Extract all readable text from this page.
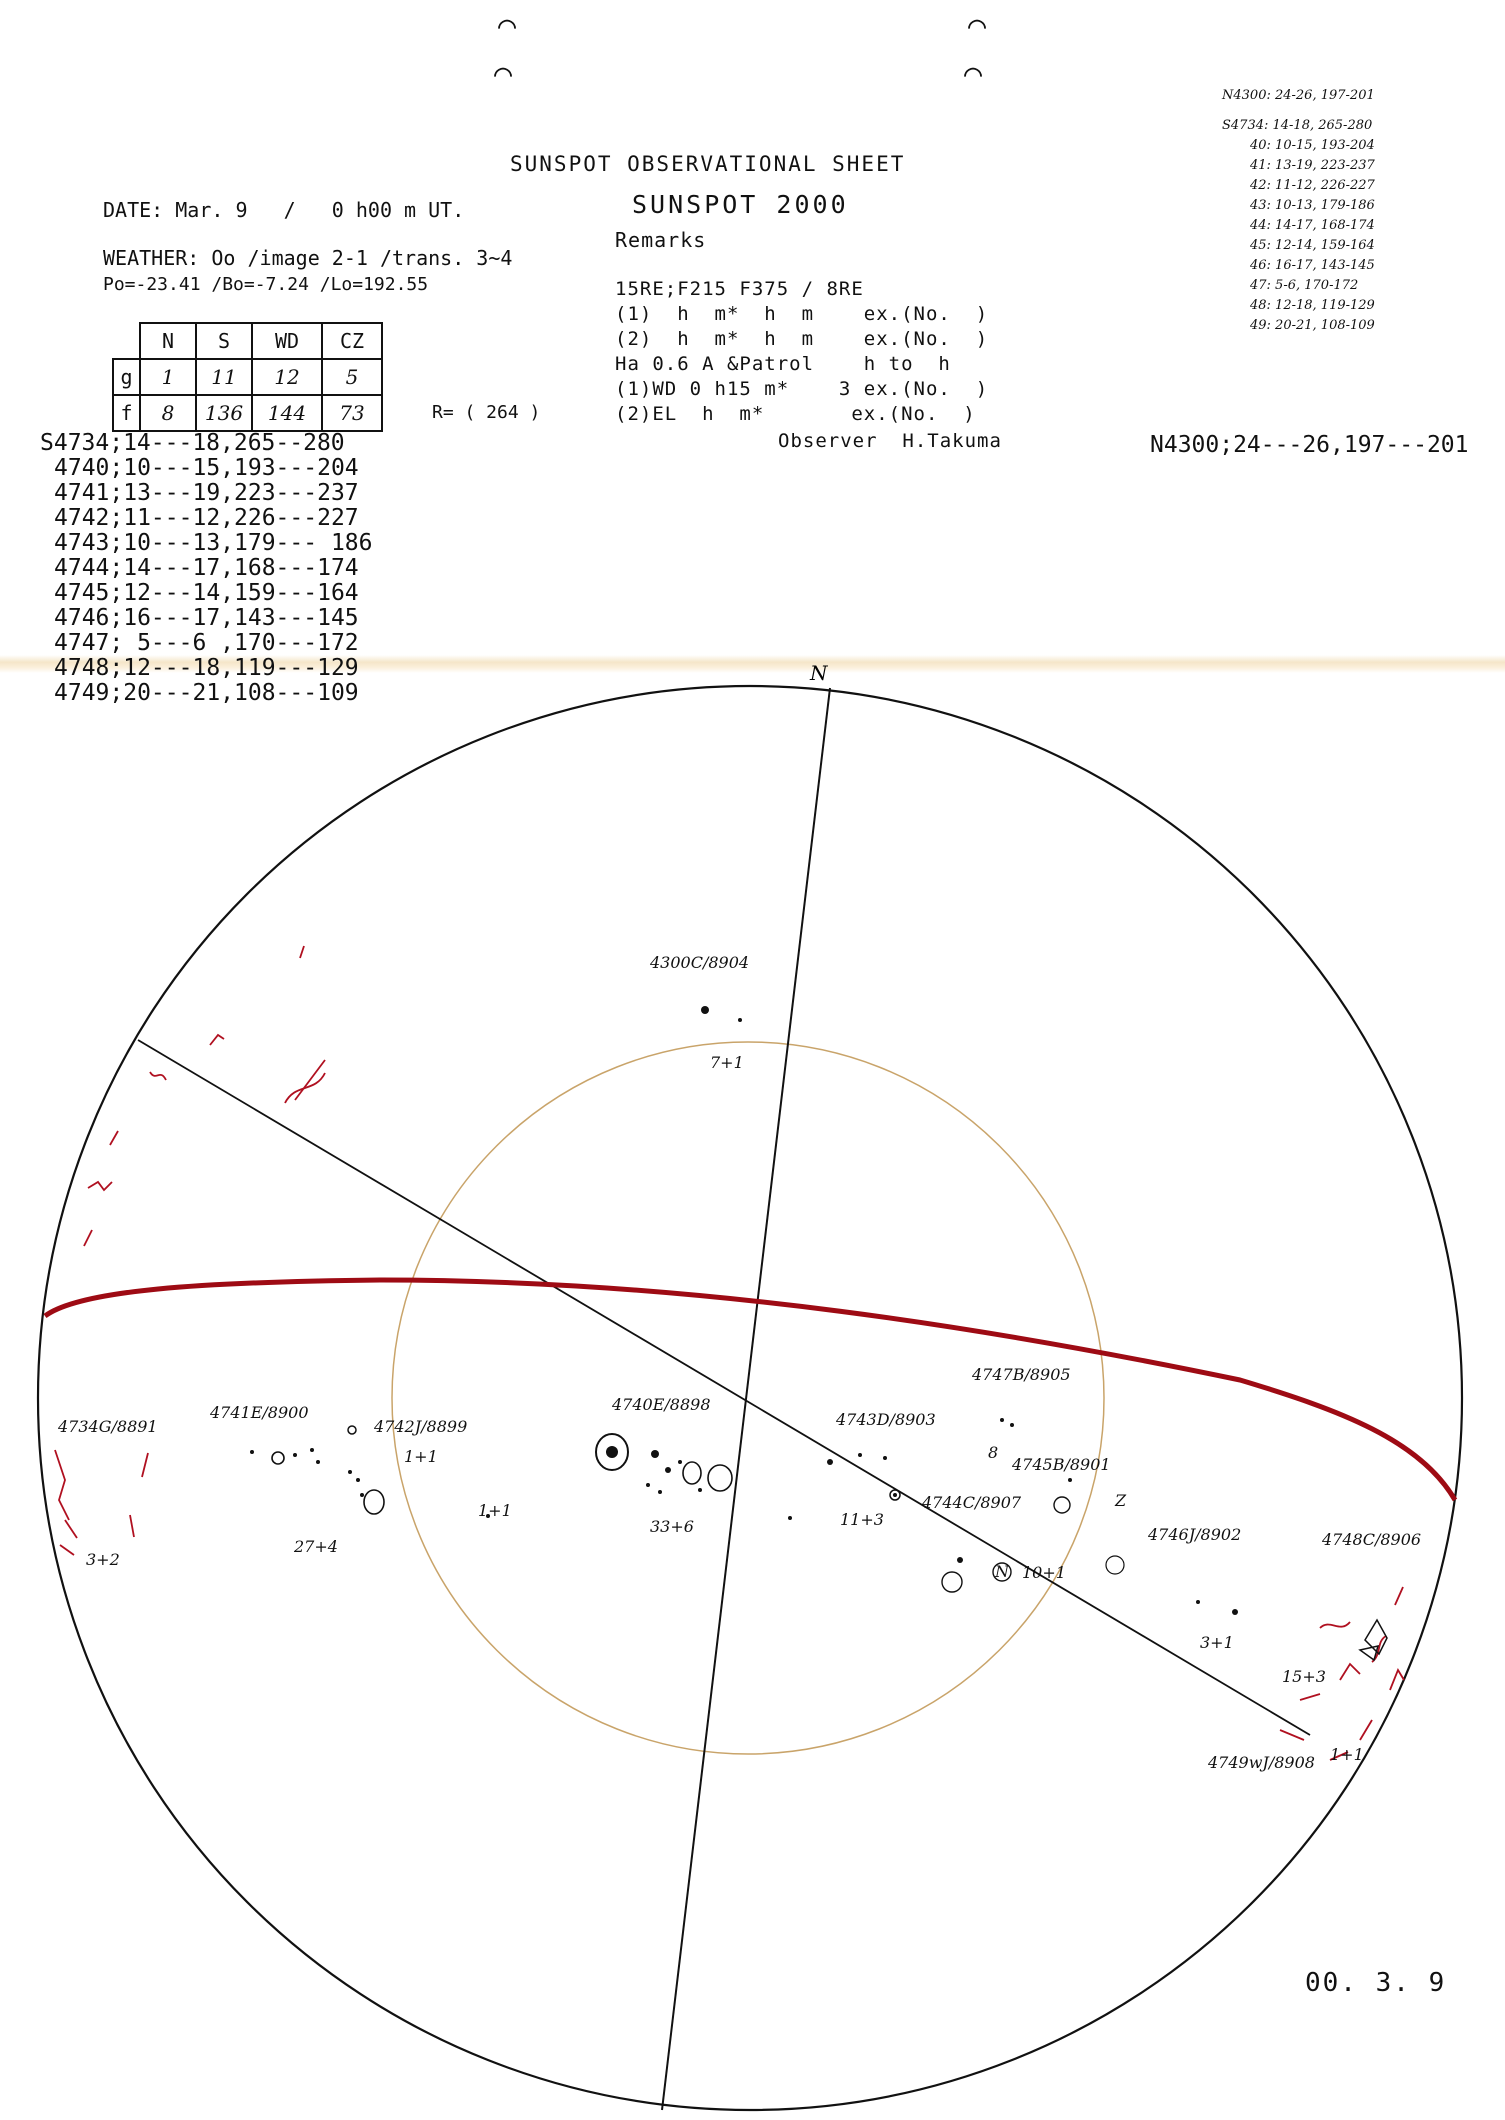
⌒
⌒
⌒
⌒
SUNSPOT OBSERVATIONAL SHEET
SUNSPOT 2000
Remarks
DATE: Mar. 9   /   0 h00 m UT.
WEATHER: Oo /image 2-1 /trans. 3~4
Po=-23.41 /Bo=-7.24 /Lo=192.55
	N	S	WD	CZ
g	1	11	12	5
f	8	136	144	73	R= ( 264 )
15RE;F215 F375 / 8RE
(1)  h  m*  h  m    ex.(No.  )
(2)  h  m*  h  m    ex.(No.  )
Ha 0.6 A &Patrol    h to  h
(1)WD 0 h15 m*    3 ex.(No.  )
(2)EL  h  m*       ex.(No.  )
Observer  H.Takuma
N4300: 24-26, 197-201
S4734: 14-18, 265-280
40: 10-15, 193-204
41: 13-19, 223-237
42: 11-12, 226-227
43: 10-13, 179-186
44: 14-17, 168-174
45: 12-14, 159-164
46: 16-17, 143-145
47: 5-6, 170-172
48: 12-18, 119-129
49: 20-21, 108-109
S4734;14---18,265--280
4740;10---15,193---204
4741;13---19,223---237
4742;11---12,226---227
4743;10---13,179--- 186
4744;14---17,168---174
4745;12---14,159---164
4746;16---17,143---145
4747; 5---6 ,170---172
4748;12---18,119---129
4749;20---21,108---109
N4300;24---26,197---201
N
4300C/8904
7+1
4734G/8891
3+2
4741E/8900
27+4
4742J/8899
1+1
4740E/8898
33+6
4743D/8903
11+3
4747B/8905
8
4745B/8901
4744C/8907
10+1
4746J/8902
3+1
4748C/8906
15+3
4749wJ/8908 1+1
Z
N
1+1
00. 3. 9
